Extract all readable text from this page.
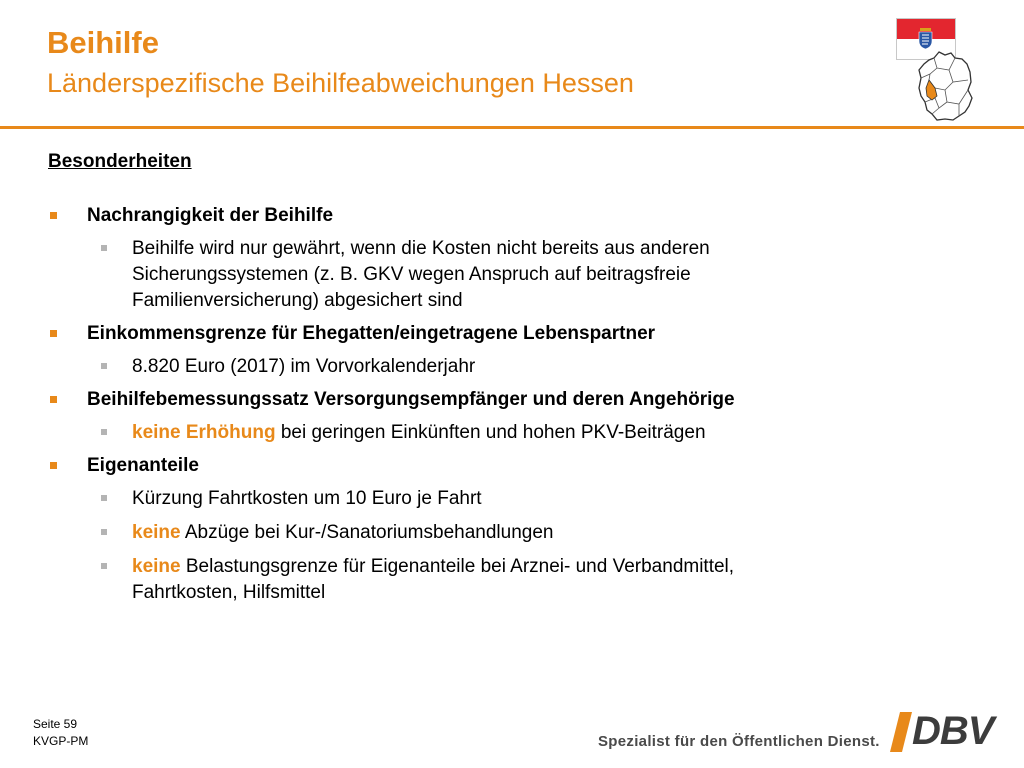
Beihilfe
Länderspezifische Beihilfeabweichungen Hessen
Besonderheiten
Nachrangigkeit der Beihilfe
Beihilfe wird nur gewährt, wenn die Kosten nicht bereits aus anderen
Sicherungssystemen (z. B. GKV wegen Anspruch auf beitragsfreie
Familienversicherung) abgesichert sind
Einkommensgrenze für Ehegatten/eingetragene Lebenspartner
8.820 Euro (2017) im Vorvorkalenderjahr
Beihilfebemessungssatz Versorgungsempfänger und deren Angehörige
keine Erhöhung bei geringen Einkünften und hohen PKV-Beiträgen
Eigenanteile
Kürzung Fahrtkosten um 10 Euro je Fahrt
keine Abzüge bei Kur-/Sanatoriumsbehandlungen
keine Belastungsgrenze für Eigenanteile bei Arznei- und Verbandmittel,
Fahrtkosten, Hilfsmittel
Seite 59
KVGP-PM	Spezialist für den Öffentlichen Dienst. DBV
